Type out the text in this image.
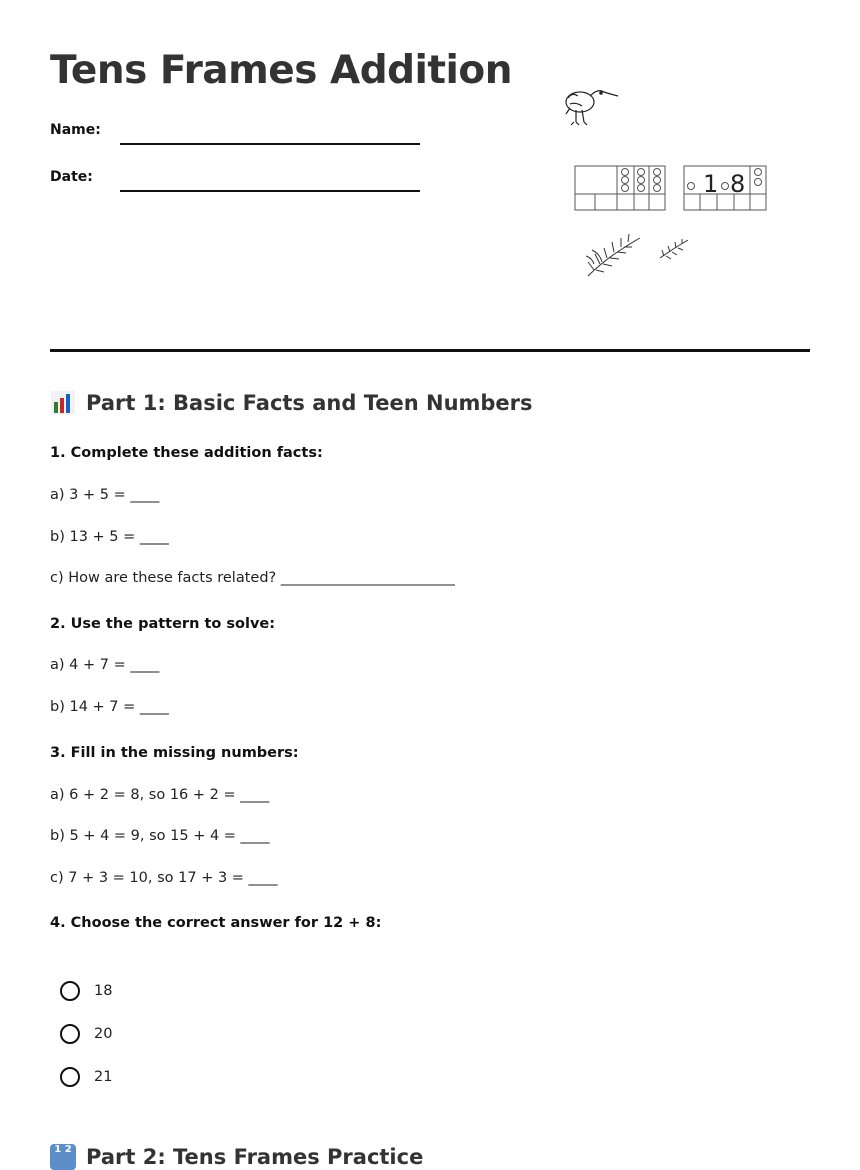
Tens Frames Addition
Name:
Date:	1 8
Part 1: Basic Facts and Teen Numbers

1. Complete these addition facts:

a) 3 + 5 = ____

b) 13 + 5 = ____

c) How are these facts related? ________________________

2. Use the pattern to solve:

a) 4 + 7 = ____

b) 14 + 7 = ____

3. Fill in the missing numbers:

a) 6 + 2 = 8, so 16 + 2 = ____

b) 5 + 4 = 9, so 15 + 4 = ____

c) 7 + 3 = 10, so 17 + 3 = ____

4. Choose the correct answer for 12 + 8:

18
20
21
1 2 Part 2: Tens Frames Practice
